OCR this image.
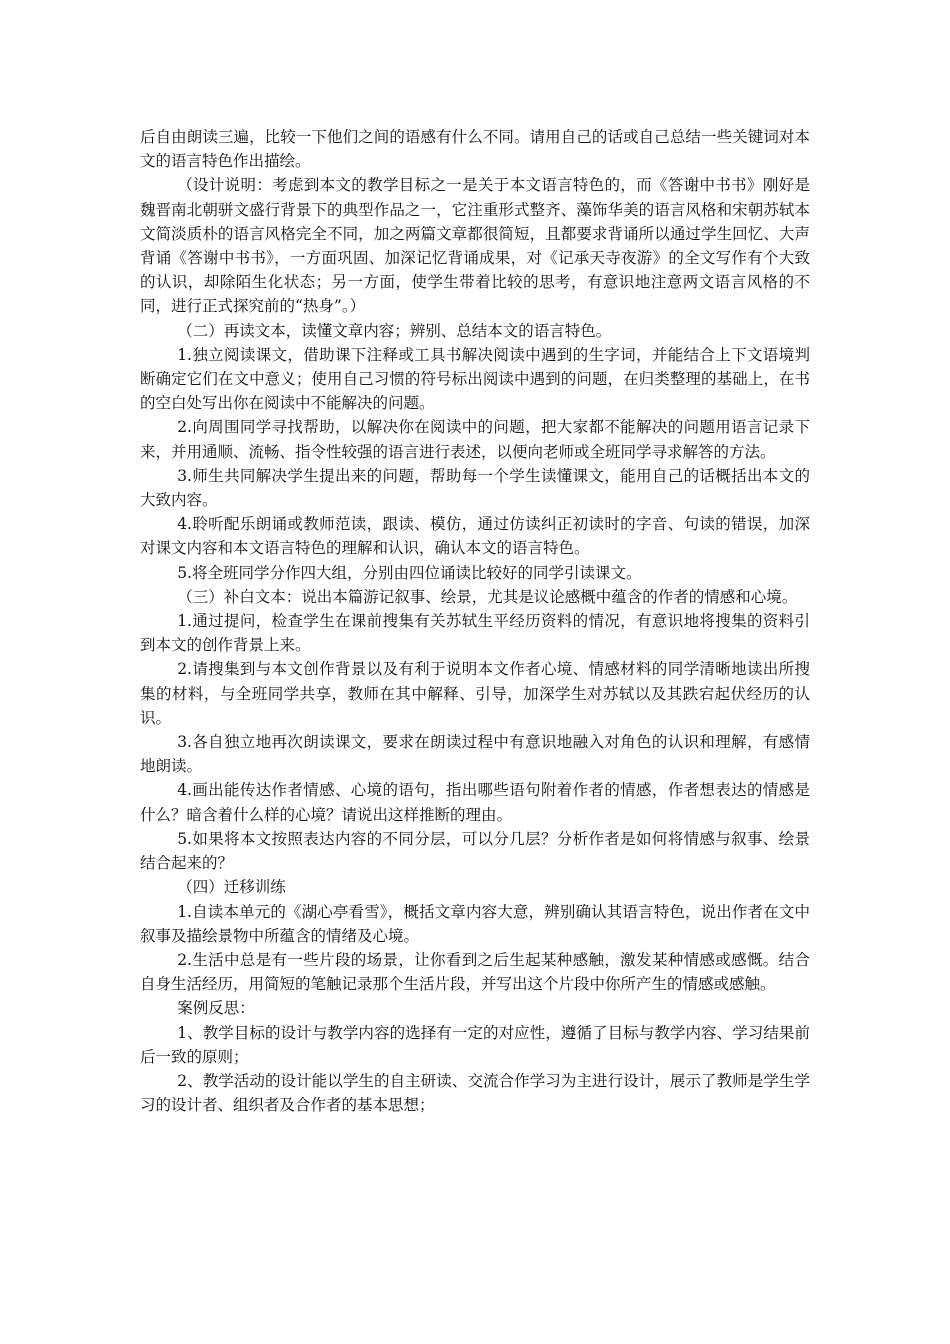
后自由朗读三遍，比较一下他们之间的语感有什么不同。请用自己的话或自己总结一些关键词对本文的语言特色作出描绘。

（设计说明：考虑到本文的教学目标之一是关于本文语言特色的，而《答谢中书书》刚好是魏晋南北朝骈文盛行背景下的典型作品之一，它注重形式整齐、藻饰华美的语言风格和宋朝苏轼本文简淡质朴的语言风格完全不同，加之两篇文章都很简短，且都要求背诵所以通过学生回忆、大声背诵《答谢中书书》，一方面巩固、加深记忆背诵成果，对《记承天寺夜游》的全文写作有个大致的认识，却除陌生化状态；另一方面，使学生带着比较的思考，有意识地注意两文语言风格的不同，进行正式探究前的“热身”。）

（二）再读文本，读懂文章内容；辨别、总结本文的语言特色。

1.独立阅读课文，借助课下注释或工具书解决阅读中遇到的生字词，并能结合上下文语境判断确定它们在文中意义；使用自己习惯的符号标出阅读中遇到的问题，在归类整理的基础上，在书的空白处写出你在阅读中不能解决的问题。

2.向周围同学寻找帮助，以解决你在阅读中的问题，把大家都不能解决的问题用语言记录下来，并用通顺、流畅、指令性较强的语言进行表述，以便向老师或全班同学寻求解答的方法。

3.师生共同解决学生提出来的问题，帮助每一个学生读懂课文，能用自己的话概括出本文的大致内容。

4.聆听配乐朗诵或教师范读，跟读、模仿，通过仿读纠正初读时的字音、句读的错误，加深对课文内容和本文语言特色的理解和认识，确认本文的语言特色。

5.将全班同学分作四大组，分别由四位诵读比较好的同学引读课文。

（三）补白文本：说出本篇游记叙事、绘景，尤其是议论感概中蕴含的作者的情感和心境。

1.通过提问，检查学生在课前搜集有关苏轼生平经历资料的情况，有意识地将搜集的资料引到本文的创作背景上来。

2.请搜集到与本文创作背景以及有利于说明本文作者心境、情感材料的同学清晰地读出所搜集的材料，与全班同学共享，教师在其中解释、引导，加深学生对苏轼以及其跌宕起伏经历的认识。

3.各自独立地再次朗读课文，要求在朗读过程中有意识地融入对角色的认识和理解，有感情地朗读。

4.画出能传达作者情感、心境的语句，指出哪些语句附着作者的情感，作者想表达的情感是什么？暗含着什么样的心境？请说出这样推断的理由。

5.如果将本文按照表达内容的不同分层，可以分几层？分析作者是如何将情感与叙事、绘景结合起来的？

（四）迁移训练

1.自读本单元的《湖心亭看雪》，概括文章内容大意，辨别确认其语言特色，说出作者在文中叙事及描绘景物中所蕴含的情绪及心境。

2.生活中总是有一些片段的场景，让你看到之后生起某种感触，激发某种情感或感慨。结合自身生活经历，用简短的笔触记录那个生活片段，并写出这个片段中你所产生的情感或感触。

案例反思：

1、教学目标的设计与教学内容的选择有一定的对应性，遵循了目标与教学内容、学习结果前后一致的原则；

2、教学活动的设计能以学生的自主研读、交流合作学习为主进行设计，展示了教师是学生学习的设计者、组织者及合作者的基本思想；
